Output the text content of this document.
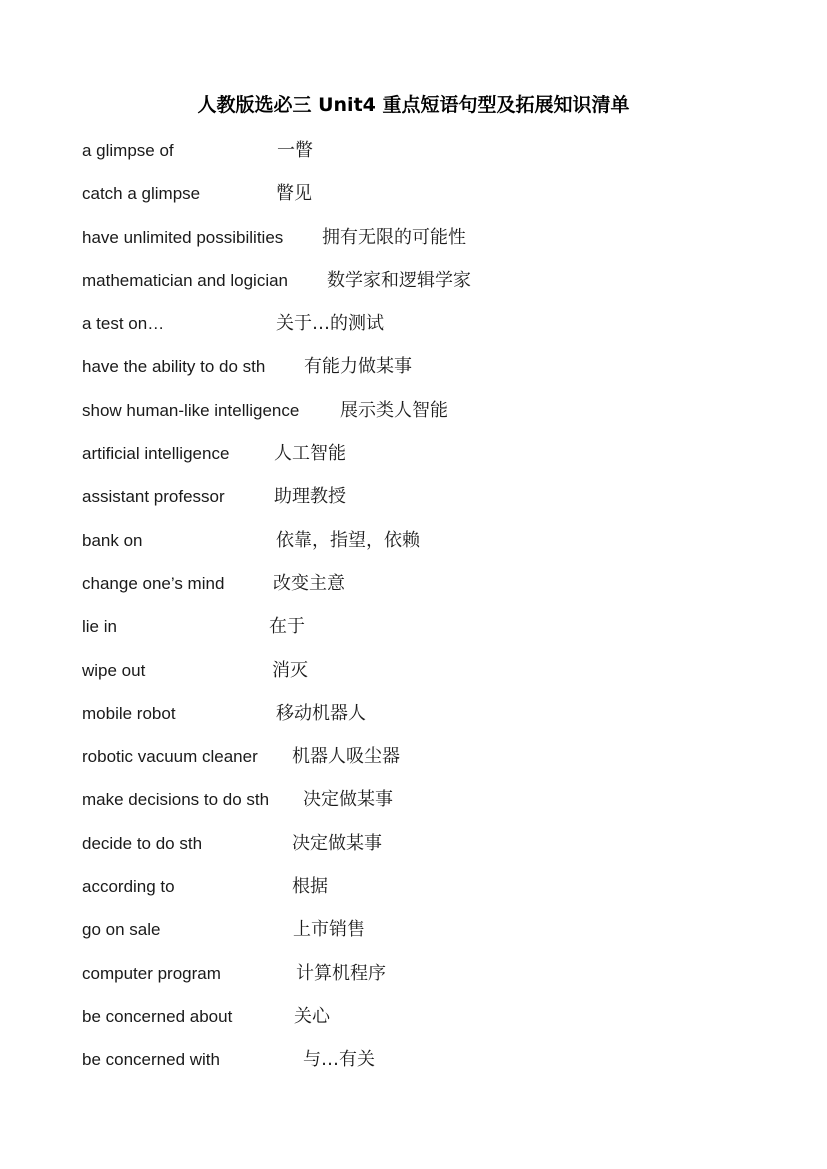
人教版选必三 Unit4 重点短语句型及拓展知识清单
a glimpse of	一瞥
catch a glimpse	瞥见
have unlimited possibilities 拥有无限的可能性
mathematician and logician 数学家和逻辑学家
a test on…	关于…的测试
have the ability to do sth 有能力做某事
show human-like intelligence 展示类人智能
artificial intelligence 人工智能
assistant professor	助理教授
bank on	依靠，指望，依赖
change one’s mind	改变主意
lie in	在于
wipe out	消灭
mobile robot	移动机器人
robotic vacuum cleaner 机器人吸尘器
make decisions to do sth 决定做某事
decide to do sth	决定做某事
according to	根据
go on sale	上市销售
computer program	计算机程序
be concerned about	关心
be concerned with	与…有关
